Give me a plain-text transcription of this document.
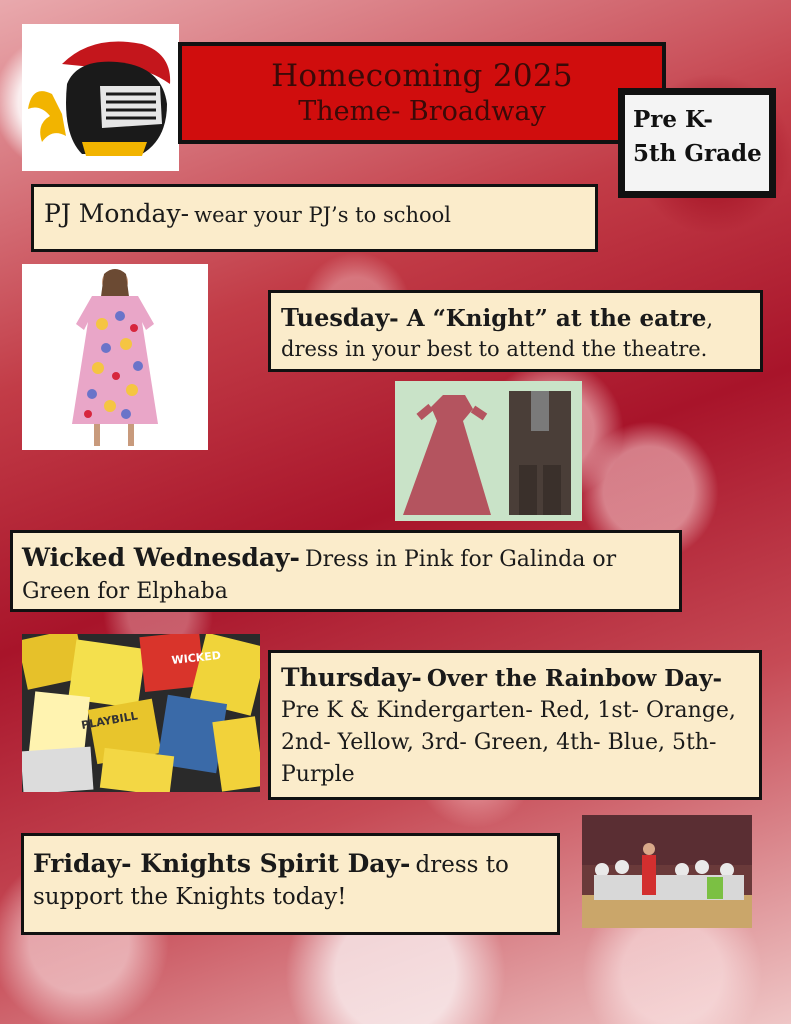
Homecoming 2025
Theme- Broadway	Pre K-
5th Grade
PJ Monday- wear your PJ’s to school
Tuesday- A “Knight” at the eatre,
dress in your best to attend the theatre.
Wicked Wednesday- Dress in Pink for Galinda or Green for Elphaba
PLAYBILL
WICKED
Thursday- Over the Rainbow Day-
Pre K & Kindergarten- Red, 1st- Orange, 2nd- Yellow, 3rd- Green, 4th- Blue, 5th- Purple
Friday- Knights Spirit Day- dress to support the Knights today!
